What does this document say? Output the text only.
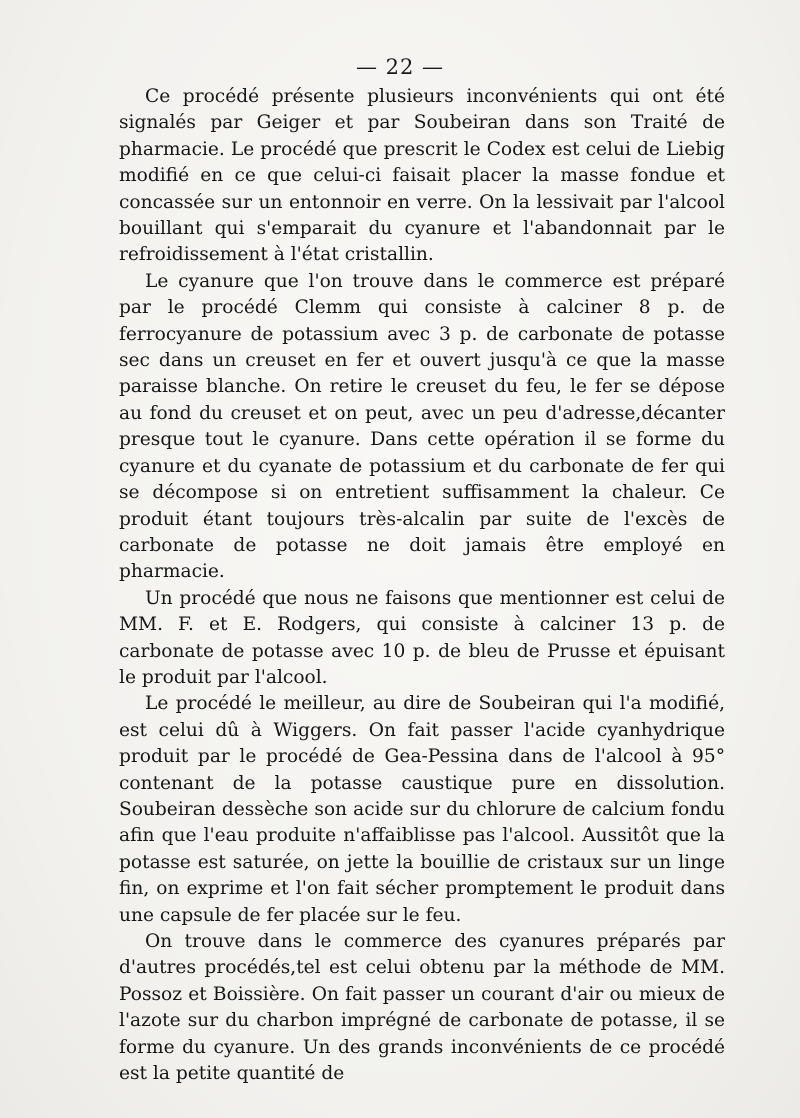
— 22 —

Ce procédé présente plusieurs inconvénients qui ont été signalés par Geiger et par Soubeiran dans son Traité de pharmacie. Le procédé que prescrit le Codex est celui de Liebig modifié en ce que celui-ci faisait placer la masse fondue et concassée sur un entonnoir en verre. On la lessivait par l'alcool bouillant qui s'emparait du cyanure et l'abandonnait par le refroidissement à l'état cristallin.

Le cyanure que l'on trouve dans le commerce est préparé par le procédé Clemm qui consiste à calciner 8 p. de ferrocyanure de potassium avec 3 p. de carbonate de potasse sec dans un creuset en fer et ouvert jusqu'à ce que la masse paraisse blanche. On retire le creuset du feu, le fer se dépose au fond du creuset et on peut, avec un peu d'adresse,décanter presque tout le cyanure. Dans cette opération il se forme du cyanure et du cyanate de potassium et du carbonate de fer qui se décompose si on entretient suffisamment la chaleur. Ce produit étant toujours très-alcalin par suite de l'excès de carbonate de potasse ne doit jamais être employé en pharmacie.

Un procédé que nous ne faisons que mentionner est celui de MM. F. et E. Rodgers, qui consiste à calciner 13 p. de carbonate de potasse avec 10 p. de bleu de Prusse et épuisant le produit par l'alcool.

Le procédé le meilleur, au dire de Soubeiran qui l'a modifié, est celui dû à Wiggers. On fait passer l'acide cyanhydrique produit par le procédé de Gea-Pessina dans de l'alcool à 95° contenant de la potasse caustique pure en dissolution. Soubeiran dessèche son acide sur du chlorure de calcium fondu afin que l'eau produite n'affaiblisse pas l'alcool. Aussitôt que la potasse est saturée, on jette la bouillie de cristaux sur un linge fin, on exprime et l'on fait sécher promptement le produit dans une capsule de fer placée sur le feu.

On trouve dans le commerce des cyanures préparés par d'autres procédés,tel est celui obtenu par la méthode de MM. Possoz et Boissière. On fait passer un courant d'air ou mieux de l'azote sur du charbon imprégné de carbonate de potasse, il se forme du cyanure. Un des grands inconvénients de ce procédé est la petite quantité de
